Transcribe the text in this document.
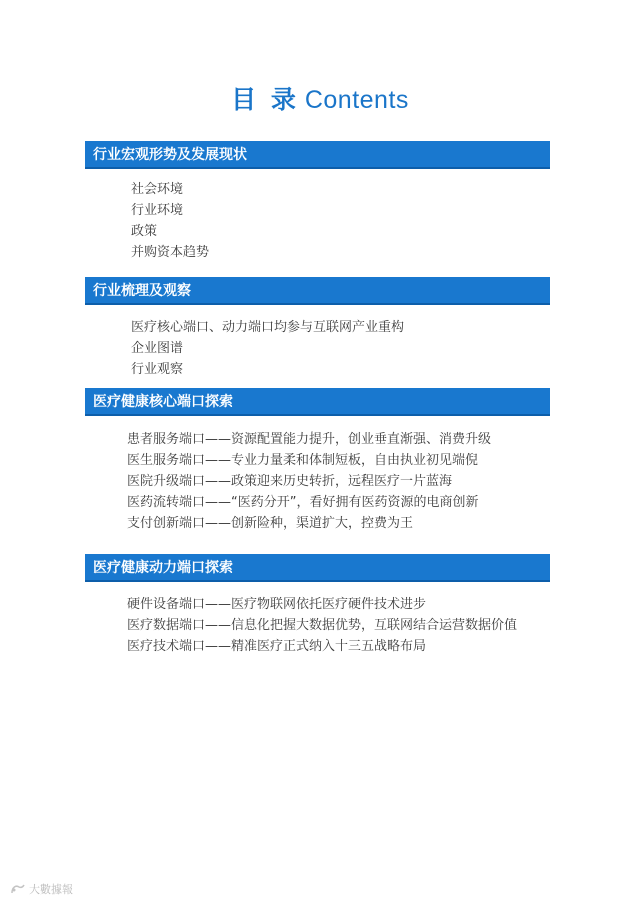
目 录 Contents
行业宏观形势及发展现状
社会环境
行业环境
政策
并购资本趋势
行业梳理及观察
医疗核心端口、动力端口均参与互联网产业重构
企业图谱
行业观察
医疗健康核心端口探索
患者服务端口——资源配置能力提升，创业垂直渐强、消费升级
医生服务端口——专业力量柔和体制短板，自由执业初见端倪
医院升级端口——政策迎来历史转折，远程医疗一片蓝海
医药流转端口——“医药分开”，看好拥有医药资源的电商创新
支付创新端口——创新险种，渠道扩大，控费为王
医疗健康动力端口探索
硬件设备端口——医疗物联网依托医疗硬件技术进步
医疗数据端口——信息化把握大数据优势，互联网结合运营数据价值
医疗技术端口——精准医疗正式纳入十三五战略布局
大數據報
